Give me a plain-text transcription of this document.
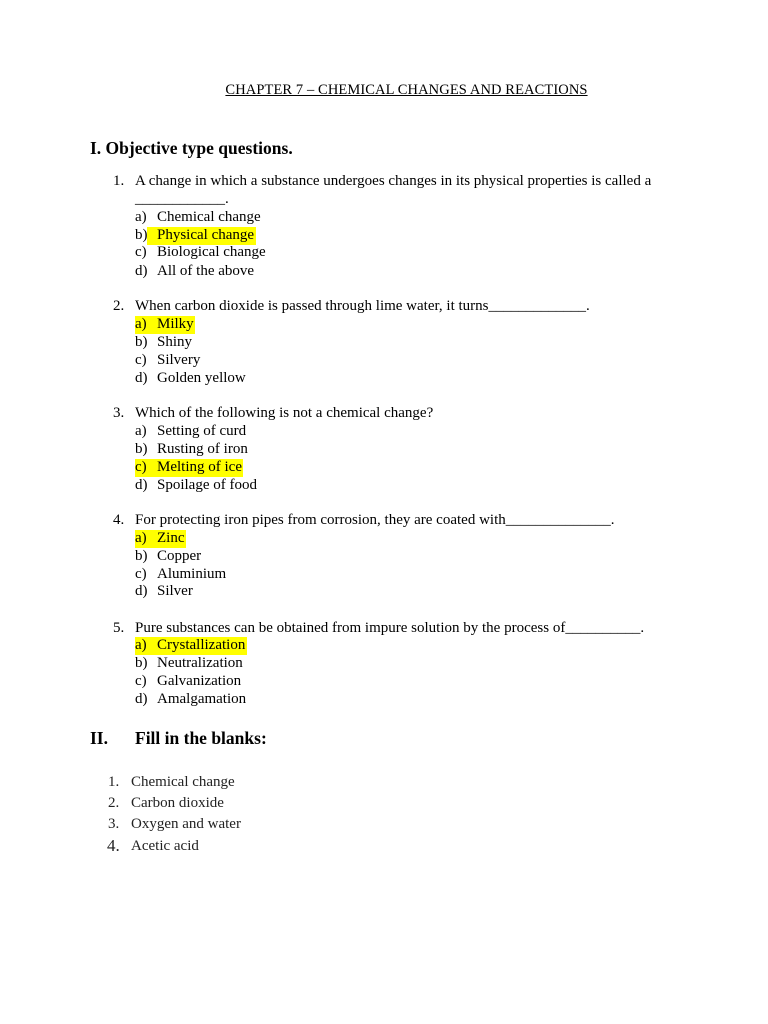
CHAPTER 7 – CHEMICAL CHANGES AND REACTIONS
I. Objective type questions.
1. A change in which a substance undergoes changes in its physical properties is called a
____________.
a) Chemical change
b) Physical change
c) Biological change
d) All of the above
2. When carbon dioxide is passed through lime water, it turns_____________.
a) Milky
b) Shiny
c) Silvery
d) Golden yellow
3. Which of the following is not a chemical change?
a) Setting of curd
b) Rusting of iron
c) Melting of ice
d) Spoilage of food
4. For protecting iron pipes from corrosion, they are coated with______________.
a) Zinc
b) Copper
c) Aluminium
d) Silver
5. Pure substances can be obtained from impure solution by the process of__________.
a) Crystallization
b) Neutralization
c) Galvanization
d) Amalgamation
II. Fill in the blanks:
1. Chemical change
2. Carbon dioxide
3. Oxygen and water
4. Acetic acid
